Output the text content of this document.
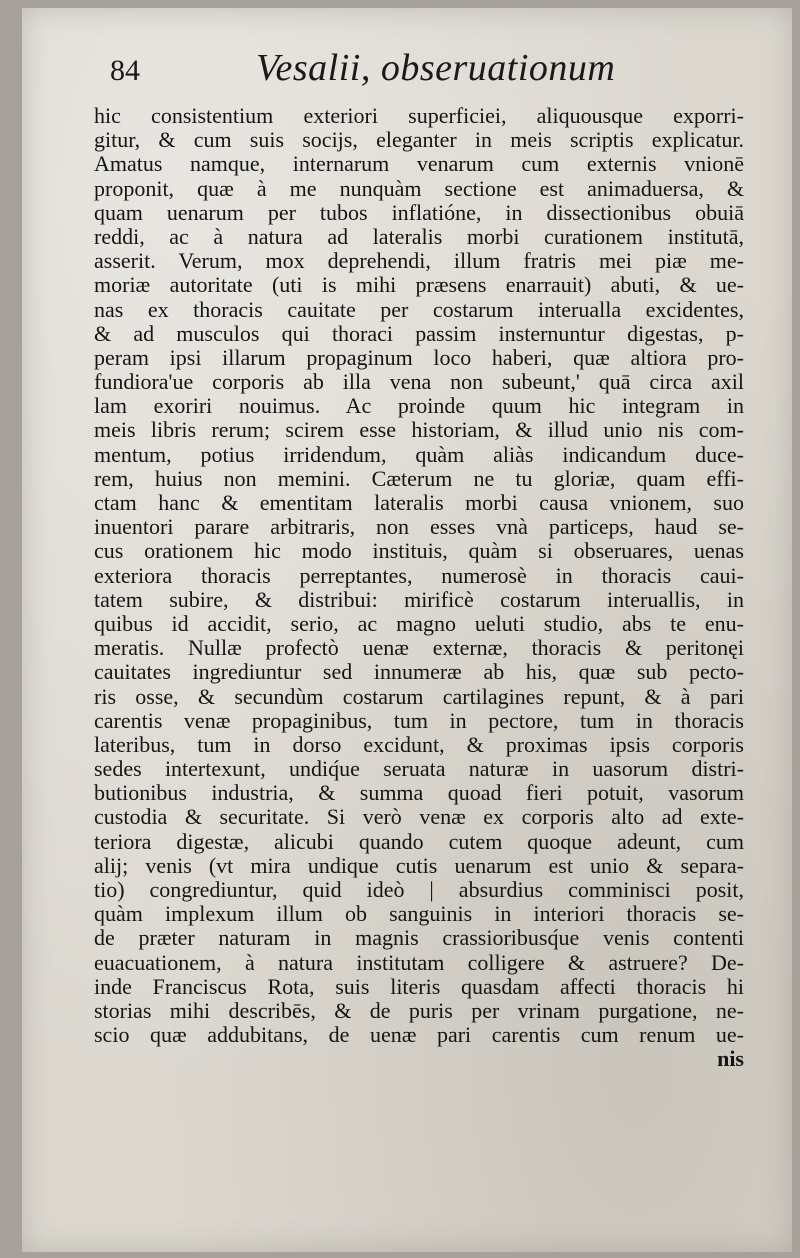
84	Vesalii, obseruationum
hic consistentium exteriori superficiei, aliquousque exporri-
gitur, & cum suis socijs, eleganter in meis scriptis explicatur.
Amatus namque, internarum venarum cum externis vnionē
proponit, quæ à me nunquàm sectione est animaduersa, &
quam uenarum per tubos inflatióne, in dissectionibus obuiā
reddi, ac à natura ad lateralis morbi curationem institutā,
asserit. Verum, mox deprehendi, illum fratris mei piæ me-
moriæ autoritate (uti is mihi præsens enarrauit) abuti, & ue-
nas ex thoracis cauitate per costarum interualla excidentes,
& ad musculos qui thoraci passim insternuntur digestas, p-
peram ipsi illarum propaginum loco haberi, quæ altiora pro-
fundiora'ue corporis ab illa vena non subeunt,' quā circa axil
lam exoriri nouimus. Ac proinde quum hic integram in
meis libris rerum; scirem esse historiam, & illud unio nis com-
mentum, potius irridendum, quàm aliàs indicandum duce-
rem, huius non memini. Cæterum ne tu gloriæ, quam effi-
ctam hanc & ementitam lateralis morbi causa vnionem, suo
inuentori parare arbitraris, non esses vnà particeps, haud se-
cus orationem hic modo instituis, quàm si obseruares, uenas
exteriora thoracis perreptantes, numerosè in thoracis caui-
tatem subire, & distribui: mirificè costarum interuallis, in
quibus id accidit, serio, ac magno ueluti studio, abs te enu-
meratis. Nullæ profectò uenæ externæ, thoracis & peritonęi
cauitates ingrediuntur sed innumeræ ab his, quæ sub pecto-
ris osse, & secundùm costarum cartilagines repunt, & à pari
carentis venæ propaginibus, tum in pectore, tum in thoracis
lateribus, tum in dorso excidunt, & proximas ipsis corporis
sedes intertexunt, undiq́ue seruata naturæ in uasorum distri-
butionibus industria, & summa quoad fieri potuit, vasorum
custodia & securitate. Si verò venæ ex corporis alto ad exte-
teriora digestæ, alicubi quando cutem quoque adeunt, cum
alij; venis (vt mira undique cutis uenarum est unio & separa-
tio) congrediuntur, quid ideò | absurdius comminisci posit,
quàm implexum illum ob sanguinis in interiori thoracis se-
de præter naturam in magnis crassioribusq́ue venis contenti
euacuationem, à natura institutam colligere & astruere? De-
inde Franciscus Rota, suis literis quasdam affecti thoracis hi
storias mihi describēs, & de puris per vrinam purgatione, ne-
scio quæ addubitans, de uenæ pari carentis cum renum ue-
nis
